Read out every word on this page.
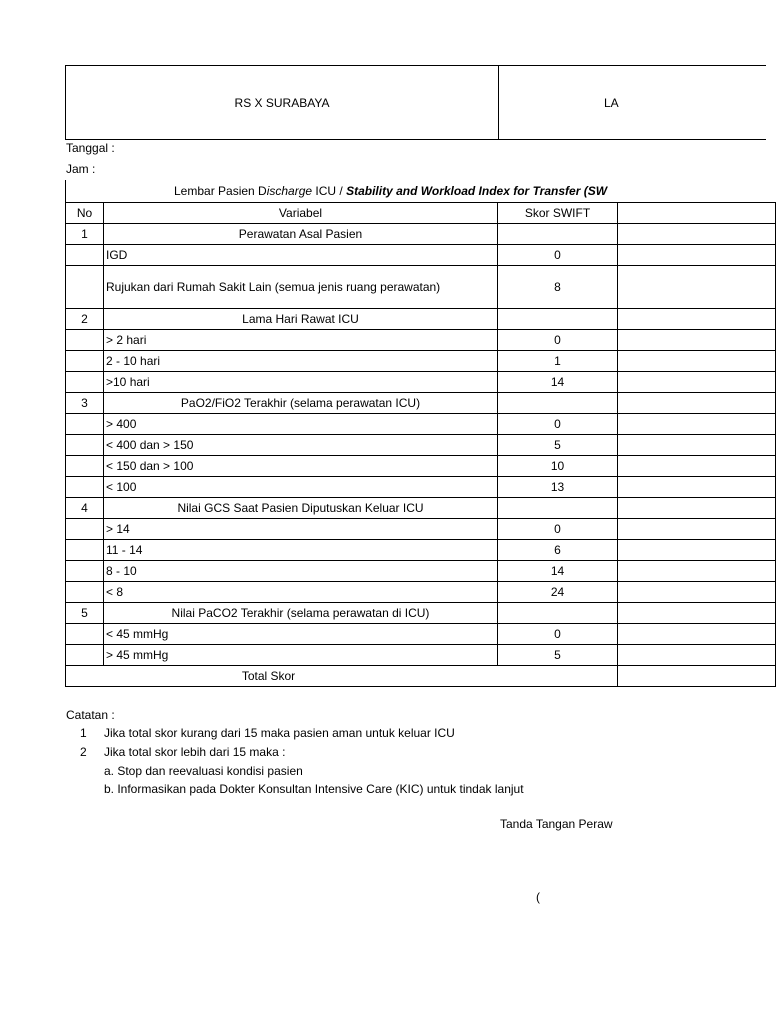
RS X SURABAYA	LA
Tanggal :
Jam :
Lembar Pasien Discharge ICU / Stability and Workload Index for Transfer (SW
No	Variabel	Skor SWIFT	
1	Perawatan Asal Pasien		
	IGD	0	
	Rujukan dari Rumah Sakit Lain (semua jenis ruang perawatan)	8	
2	Lama Hari Rawat ICU		
	> 2 hari	0	
	2 - 10 hari	1	
	>10 hari	14	
3	PaO2/FiO2 Terakhir (selama perawatan ICU)		
	> 400	0	
	< 400 dan > 150	5	
	< 150 dan > 100	10	
	< 100	13	
4	Nilai GCS Saat Pasien Diputuskan Keluar ICU		
	> 14	0	
	11 - 14	6	
	8 - 10	14	
	< 8	24	
5	Nilai PaCO2 Terakhir (selama perawatan di ICU)		
	< 45 mmHg	0	
	> 45 mmHg	5	
Total Skor			
Catatan :
1 Jika total skor kurang dari 15 maka pasien aman untuk keluar ICU
2 Jika total skor lebih dari 15 maka :
a. Stop dan reevaluasi kondisi pasien
b. Informasikan pada Dokter Konsultan Intensive Care (KIC) untuk tindak lanjut
Tanda Tangan Peraw
(
